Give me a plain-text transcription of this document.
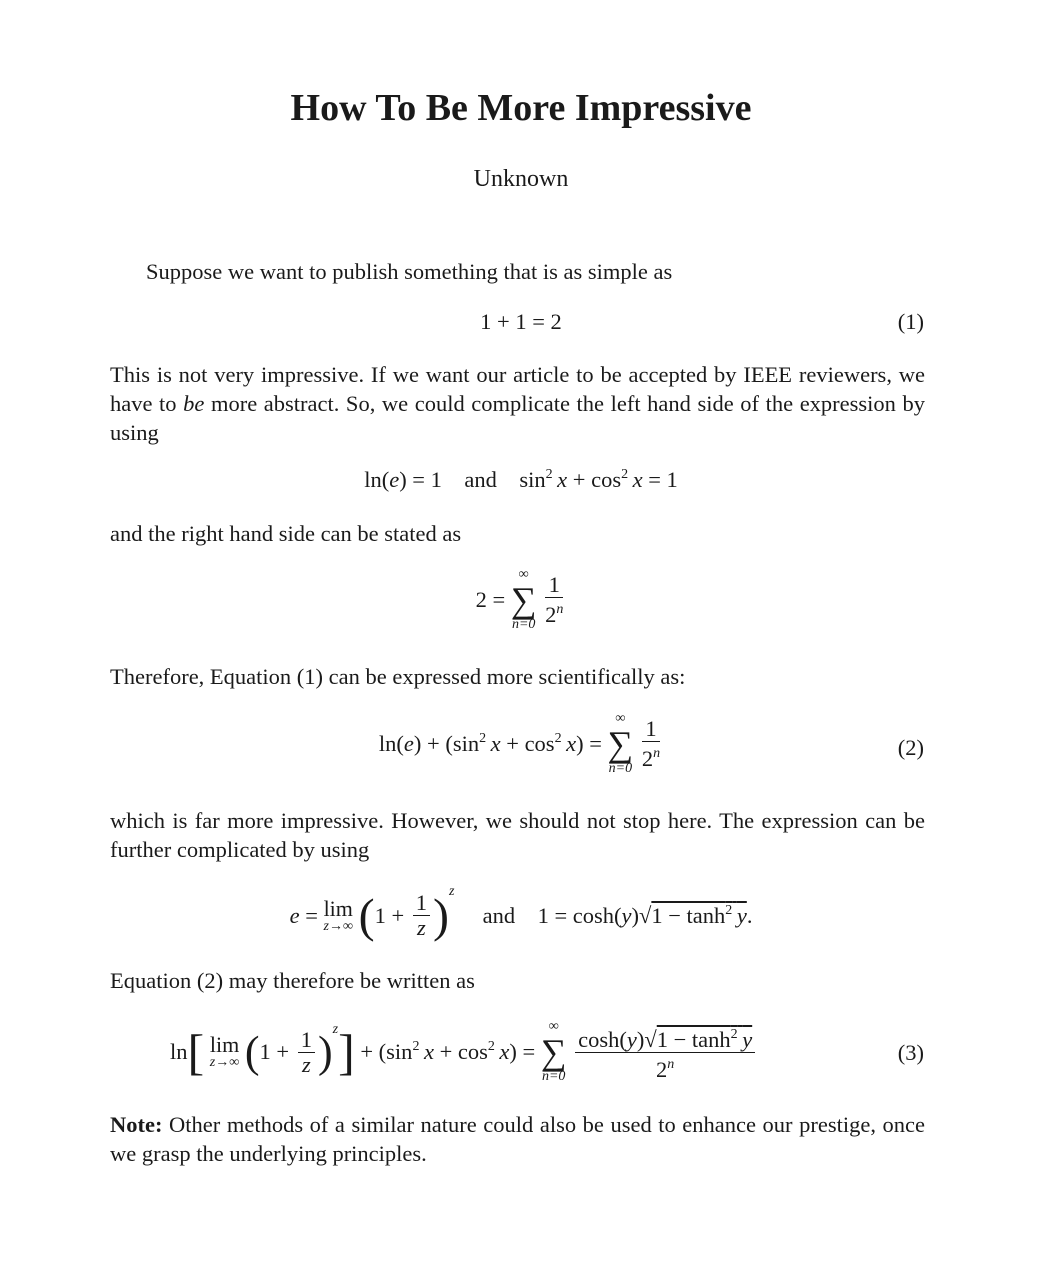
How To Be More Impressive
Unknown
Suppose we want to publish something that is as simple as
1 + 1 = 2	(1)
This is not very impressive. If we want our article to be accepted by IEEE reviewers, we have to be more abstract. So, we could complicate the left hand side of the expression by using
ln(e) = 1    and    $\sin^2 x + \cos^2 x = 1$
and the right hand side can be stated as
2 =
∞
∑
n=0
$\frac{1}{2^n}$
Therefore, Equation (1) can be expressed more scientifically as:
$\ln(e) + (\sin^2$  $x + \cos^2 x$) =
∞
∑
n=0
$\frac{1}{2^n}$	(2)
which is far more impressive. However, we should not stop here. The expression can be further complicated by using
e = lim
z→∞ $(1 + \frac{1}{z} )^z$     and $1 = \cosh(y)√1 - \tanh^2 y$.
Equation (2) may therefore be written as
ln[ lim
z→∞ $(1 + \frac{1}{z} )^z] + (\sin^2$  $x + \cos^2 x$) =
∞
∑
n=0
$\frac{\cosh(y)√1 - \tanh^2 y}{2^n}$	(3)
Note: Other methods of a similar nature could also be used to enhance our prestige, once we grasp the underlying principles.
